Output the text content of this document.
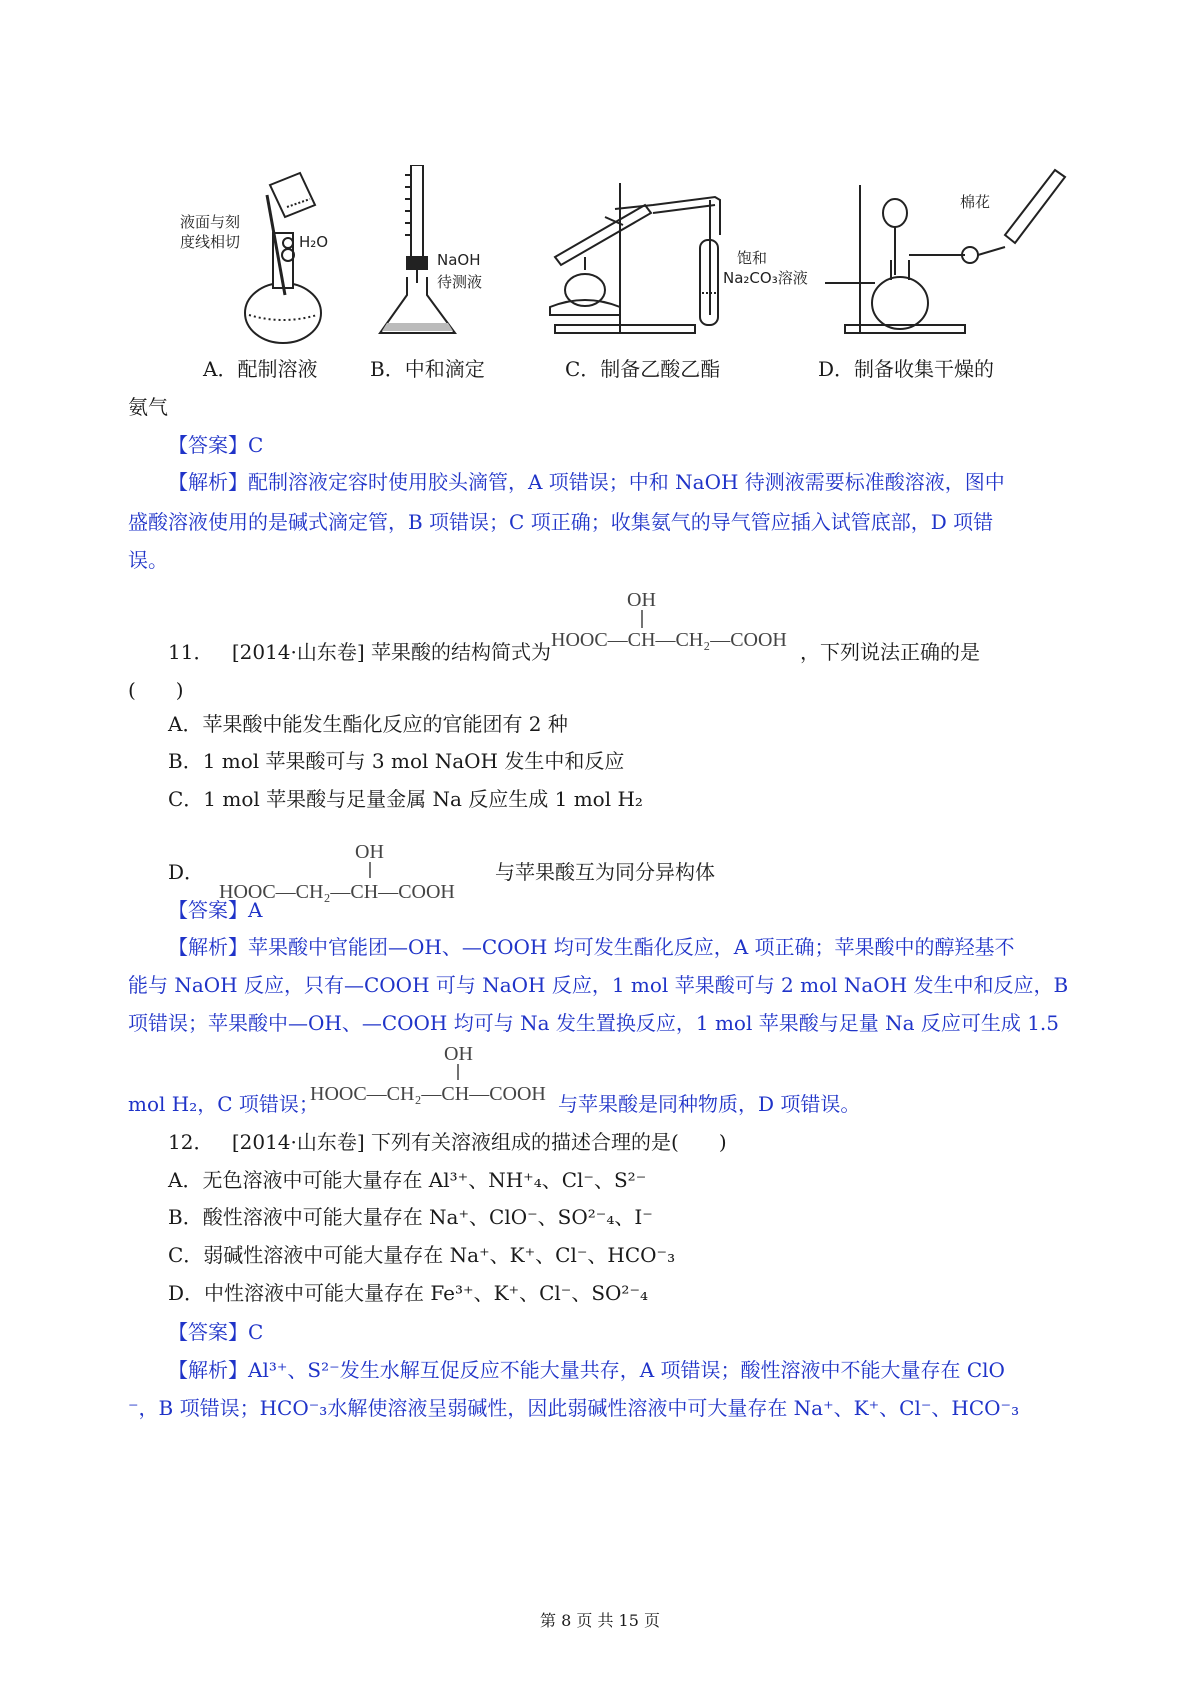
液面与刻
度线相切	H₂O
NaOH
待测液
饱和
Na₂CO₃溶液
棉花
A．配制溶液	B．中和滴定	C．制备乙酸乙酯	D．制备收集干燥的
氨气
【答案】C
【解析】配制溶液定容时使用胶头滴管，A 项错误；中和 NaOH 待测液需要标准酸溶液，图中
盛酸溶液使用的是碱式滴定管，B 项错误；C 项正确；收集氨气的导气管应插入试管底部，D 项错
误。
11． [2014·山东卷] 苹果酸的结构简式为
OH
HOOC—CH—CH₂—COOH ，下列说法正确的是
(　　)
A．苹果酸中能发生酯化反应的官能团有 2 种
B．1 mol 苹果酸可与 3 mol NaOH 发生中和反应
C．1 mol 苹果酸与足量金属 Na 反应生成 1 mol H₂
D．
OH
HOOC—CH₂—CH—COOH
与苹果酸互为同分异构体
【答案】A
【解析】苹果酸中官能团—OH、—COOH 均可发生酯化反应，A 项正确；苹果酸中的醇羟基不
能与 NaOH 反应，只有—COOH 可与 NaOH 反应，1 mol 苹果酸可与 2 mol NaOH 发生中和反应，B
项错误；苹果酸中—OH、—COOH 均可与 Na 发生置换反应，1 mol 苹果酸与足量 Na 反应可生成 1.5
mol H₂，C 项错误；
OH
HOOC—CH₂—CH—COOH 与苹果酸是同种物质，D 项错误。
12． [2014·山东卷] 下列有关溶液组成的描述合理的是(　　)
A．无色溶液中可能大量存在 Al³⁺、NH⁺₄、Cl⁻、S²⁻
B．酸性溶液中可能大量存在 Na⁺、ClO⁻、SO²⁻₄、I⁻
C．弱碱性溶液中可能大量存在 Na⁺、K⁺、Cl⁻、HCO⁻₃
D．中性溶液中可能大量存在 Fe³⁺、K⁺、Cl⁻、SO²⁻₄
【答案】C
【解析】Al³⁺、S²⁻发生水解互促反应不能大量共存，A 项错误；酸性溶液中不能大量存在 ClO
⁻，B 项错误；HCO⁻₃水解使溶液呈弱碱性，因此弱碱性溶液中可大量存在 Na⁺、K⁺、Cl⁻、HCO⁻₃
第 8 页 共 15 页
